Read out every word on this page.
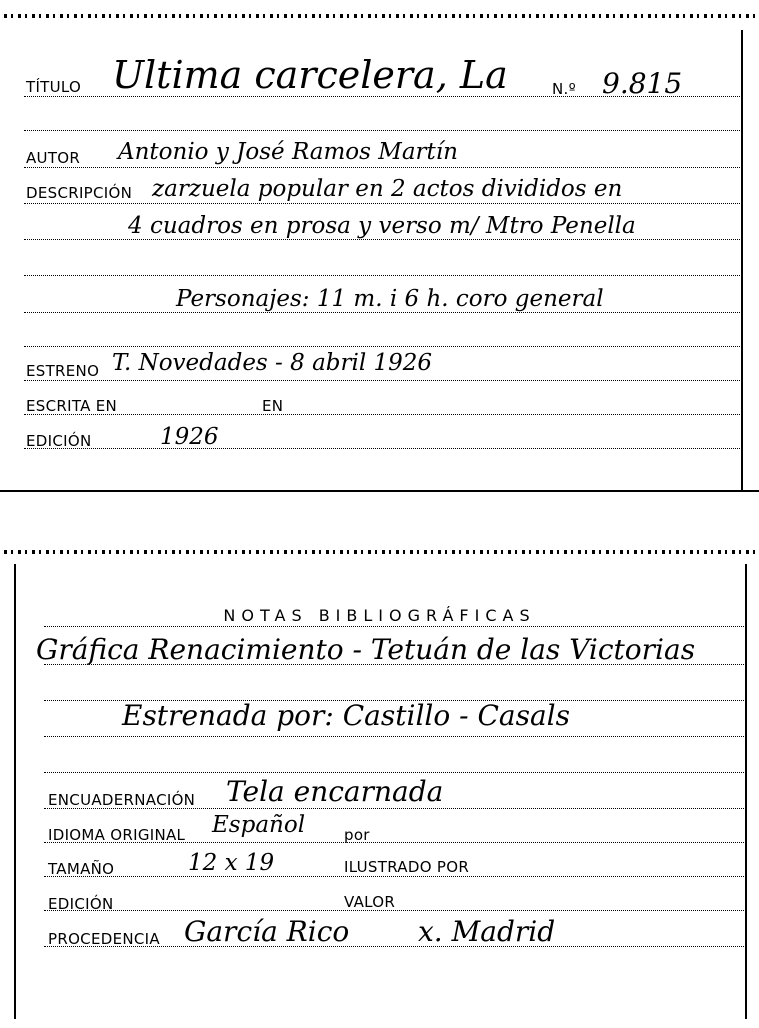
TÍTULO Ultima carcelera, La	N.º 9.815
AUTOR Antonio y José Ramos Martín
DESCRIPCIÓN zarzuela popular en 2 actos divididos en
4 cuadros en prosa y verso m/ Mtro Penella
Personajes: 11 m. i 6 h. coro general
ESTRENO T. Novedades - 8 abril 1926
ESCRITA EN	EN
EDICIÓN	1926
NOTAS BIBLIOGRÁFICAS
Gráfica Renacimiento - Tetuán de las Victorias
Estrenada por: Castillo - Casals
ENCUADERNACIÓN Tela encarnada
IDIOMA ORIGINAL Español	por
TAMAÑO	12 x 19	ILUSTRADO POR
EDICIÓN	VALOR
PROCEDENCIA García Rico x. Madrid
